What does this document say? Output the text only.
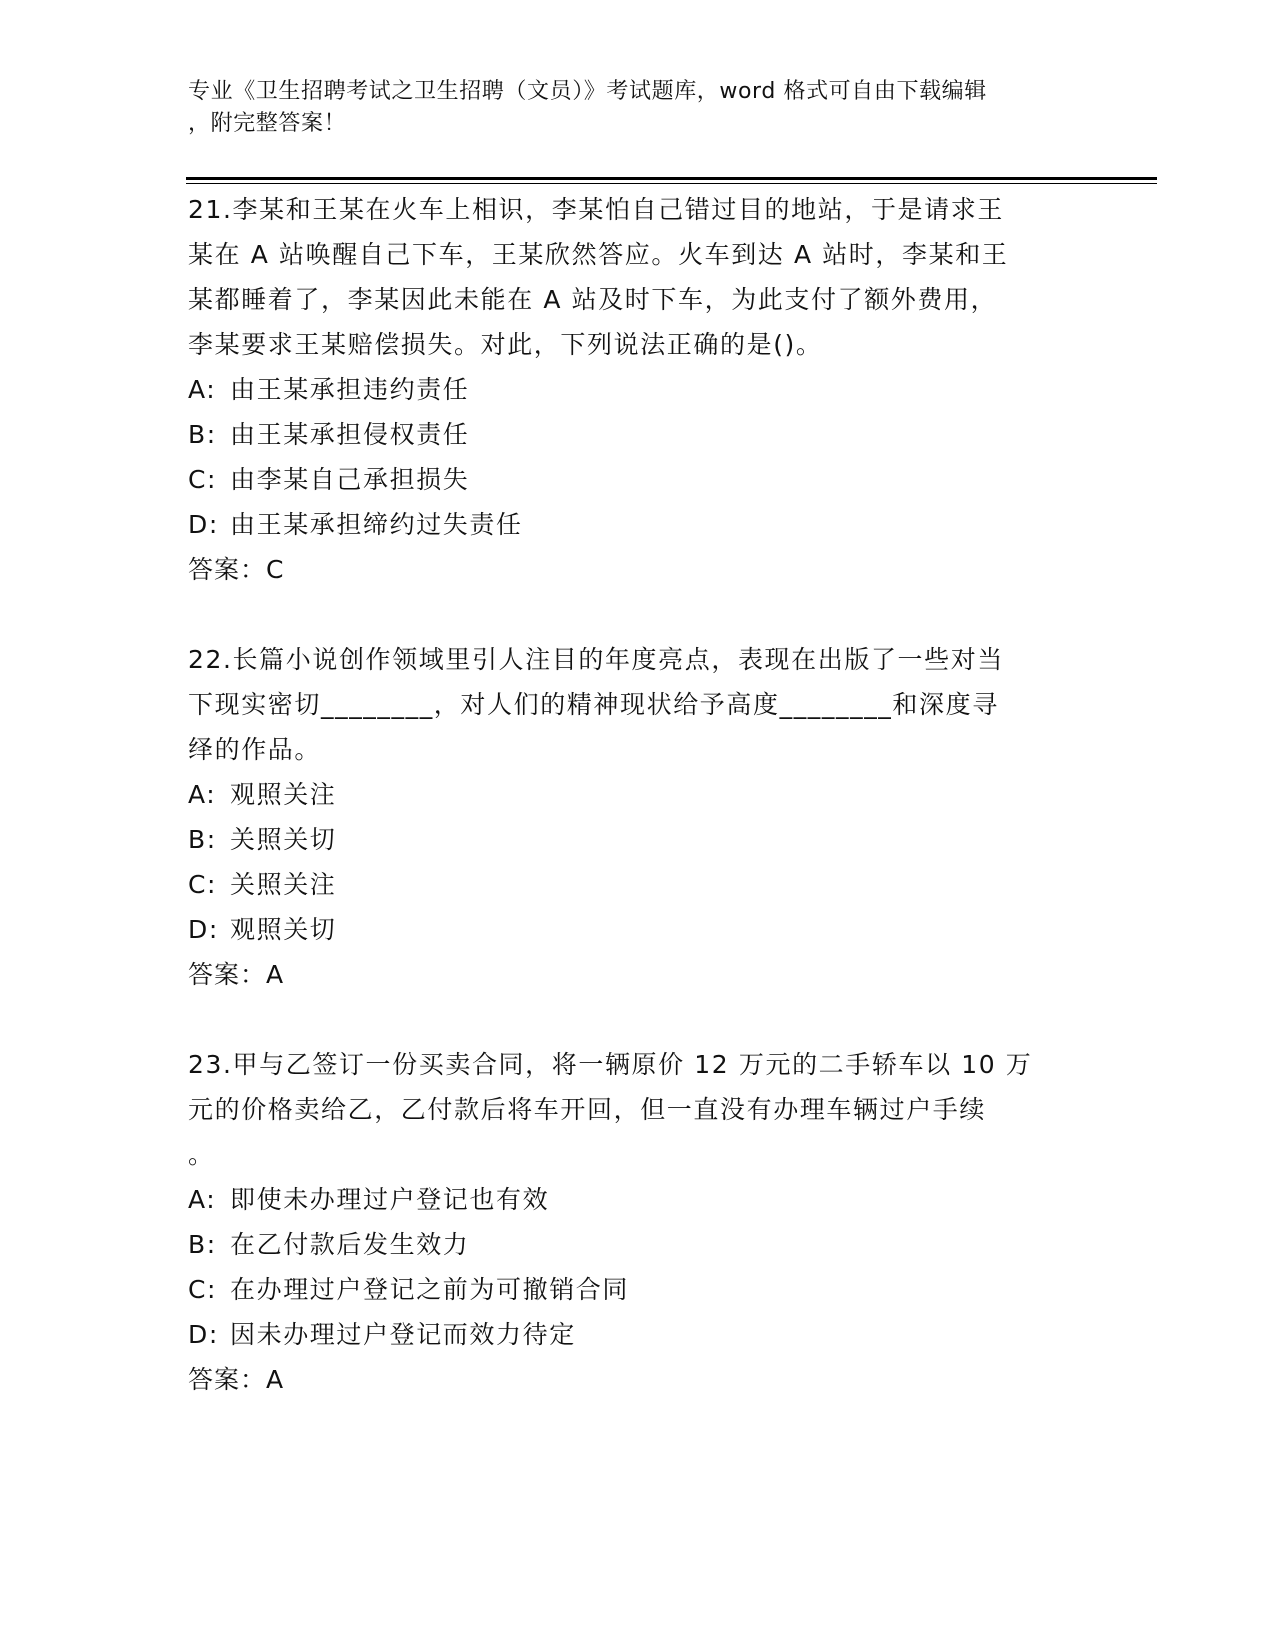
专业《卫生招聘考试之卫生招聘（文员）》考试题库，word 格式可自由下载编辑

，附完整答案！

21.李某和王某在火车上相识，李某怕自己错过目的地站，于是请求王

某在 A 站唤醒自己下车，王某欣然答应。火车到达 A 站时，李某和王

某都睡着了，李某因此未能在 A 站及时下车，为此支付了额外费用，

李某要求王某赔偿损失。对此，下列说法正确的是()。

A: 由王某承担违约责任

B: 由王某承担侵权责任

C: 由李某自己承担损失

D: 由王某承担缔约过失责任

答案：C

22.长篇小说创作领域里引人注目的年度亮点，表现在出版了一些对当

下现实密切________，对人们的精神现状给予高度________和深度寻

绎的作品。

A: 观照关注

B: 关照关切

C: 关照关注

D: 观照关切

答案：A

23.甲与乙签订一份买卖合同，将一辆原价 12 万元的二手轿车以 10 万

元的价格卖给乙，乙付款后将车开回，但一直没有办理车辆过户手续

。

A: 即使未办理过户登记也有效

B: 在乙付款后发生效力

C: 在办理过户登记之前为可撤销合同

D: 因未办理过户登记而效力待定

答案：A
